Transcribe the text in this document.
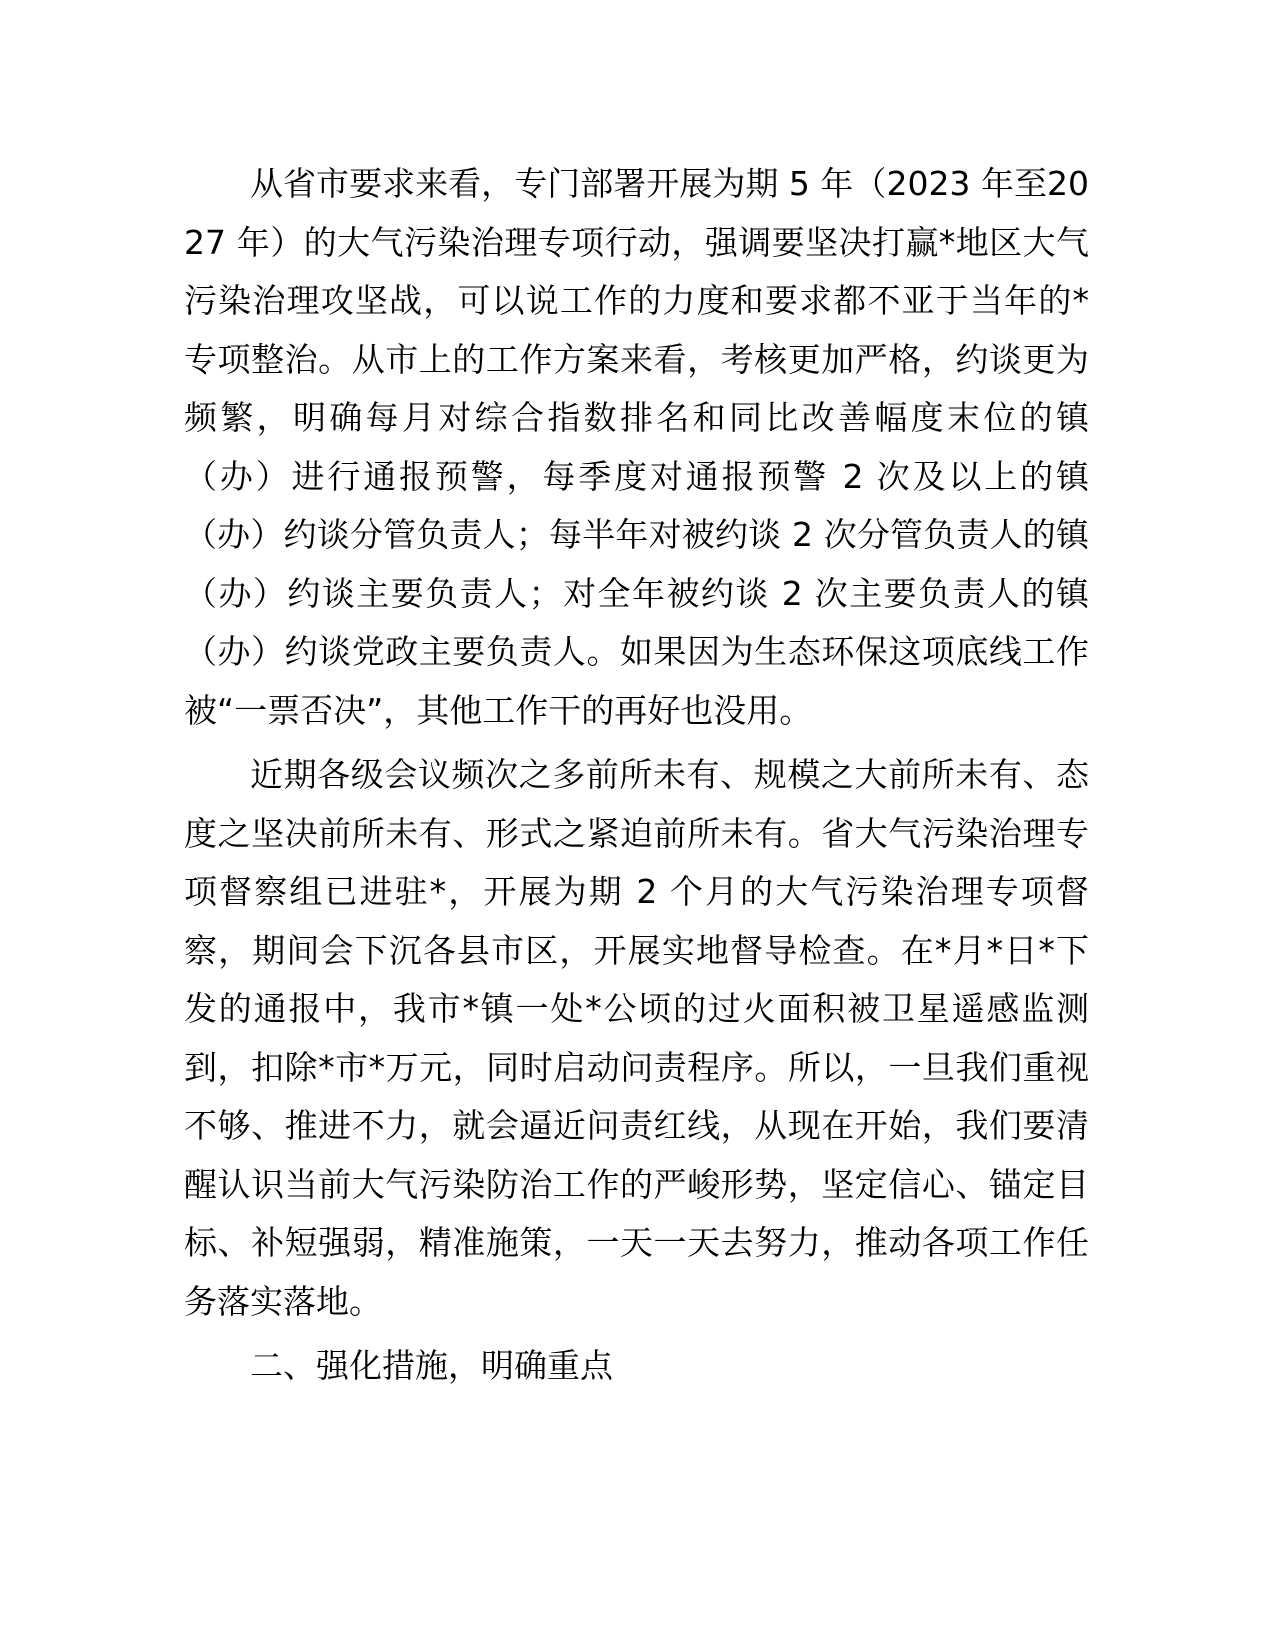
从省市要求来看，专门部署开展为期 5 年（2023 年至2027 年）的大气污染治理专项行动，强调要坚决打赢*地区大气污染治理攻坚战，可以说工作的力度和要求都不亚于当年的*专项整治。从市上的工作方案来看，考核更加严格，约谈更为频繁，明确每月对综合指数排名和同比改善幅度末位的镇（办）进行通报预警，每季度对通报预警 2 次及以上的镇（办）约谈分管负责人；每半年对被约谈 2 次分管负责人的镇（办）约谈主要负责人；对全年被约谈 2 次主要负责人的镇（办）约谈党政主要负责人。如果因为生态环保这项底线工作被“一票否决”，其他工作干的再好也没用。

近期各级会议频次之多前所未有、规模之大前所未有、态度之坚决前所未有、形式之紧迫前所未有。省大气污染治理专项督察组已进驻*，开展为期 2 个月的大气污染治理专项督察，期间会下沉各县市区，开展实地督导检查。在*月*日*下发的通报中，我市*镇一处*公顷的过火面积被卫星遥感监测到，扣除*市*万元，同时启动问责程序。所以，一旦我们重视不够、推进不力，就会逼近问责红线，从现在开始，我们要清醒认识当前大气污染防治工作的严峻形势，坚定信心、锚定目标、补短强弱，精准施策，一天一天去努力，推动各项工作任务落实落地。

二、强化措施，明确重点
